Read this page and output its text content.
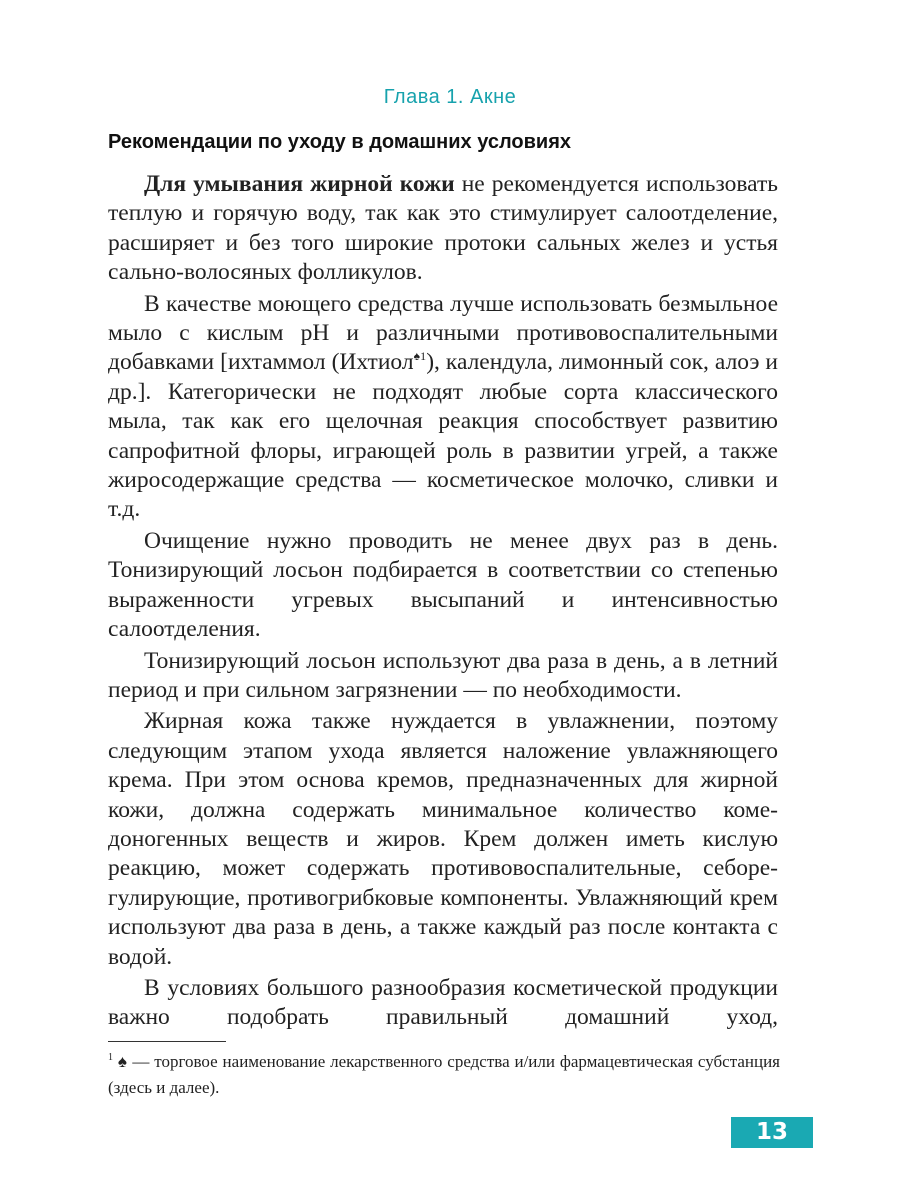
Глава 1. Акне
Рекомендации по уходу в домашних условиях

Для умывания жирной кожи не рекомендуется использовать теплую и горячую воду, так как это стимулирует салоотделение, расширяет и без того широкие протоки сальных желез и устья сально-волосяных фолликулов.

В качестве моющего средства лучше использовать безмыльное мыло с кислым pH и различными противовоспалительными добавками [ихтаммол (Ихтиол$^{♠1}$), календула, лимонный сок, алоэ и др.]. Категорически не подходят любые сорта классического мыла, так как его щелочная реакция способствует развитию сапрофитной флоры, играющей роль в развитии угрей, а также жиросодержащие средства — косметическое молочко, сливки и т.д.

Очищение нужно проводить не менее двух раз в день. Тонизирующий лосьон подбирается в соответствии со степенью выраженности угревых высыпаний и интенсивностью салоотделения.

Тонизирующий лосьон используют два раза в день, а в летний период и при сильном загрязнении — по необходимости.

Жирная кожа также нуждается в увлажнении, поэтому следующим этапом ухода является наложение увлажняющего крема. При этом основа кремов, предназначенных для жирной кожи, должна содержать минимальное количество комедоногенных веществ и жиров. Крем должен иметь кислую реакцию, может содержать противовоспалительные, себорегулирующие, противогрибковые компоненты. Увлажняющий крем используют два раза в день, а также каждый раз после контакта с водой.

В условиях большого разнообразия косметической продукции важно подобрать правильный домашний уход,

$^1$ ♠ — торговое наименование лекарственного средства и/или фармацевтическая субстанция (здесь и далее).
13
